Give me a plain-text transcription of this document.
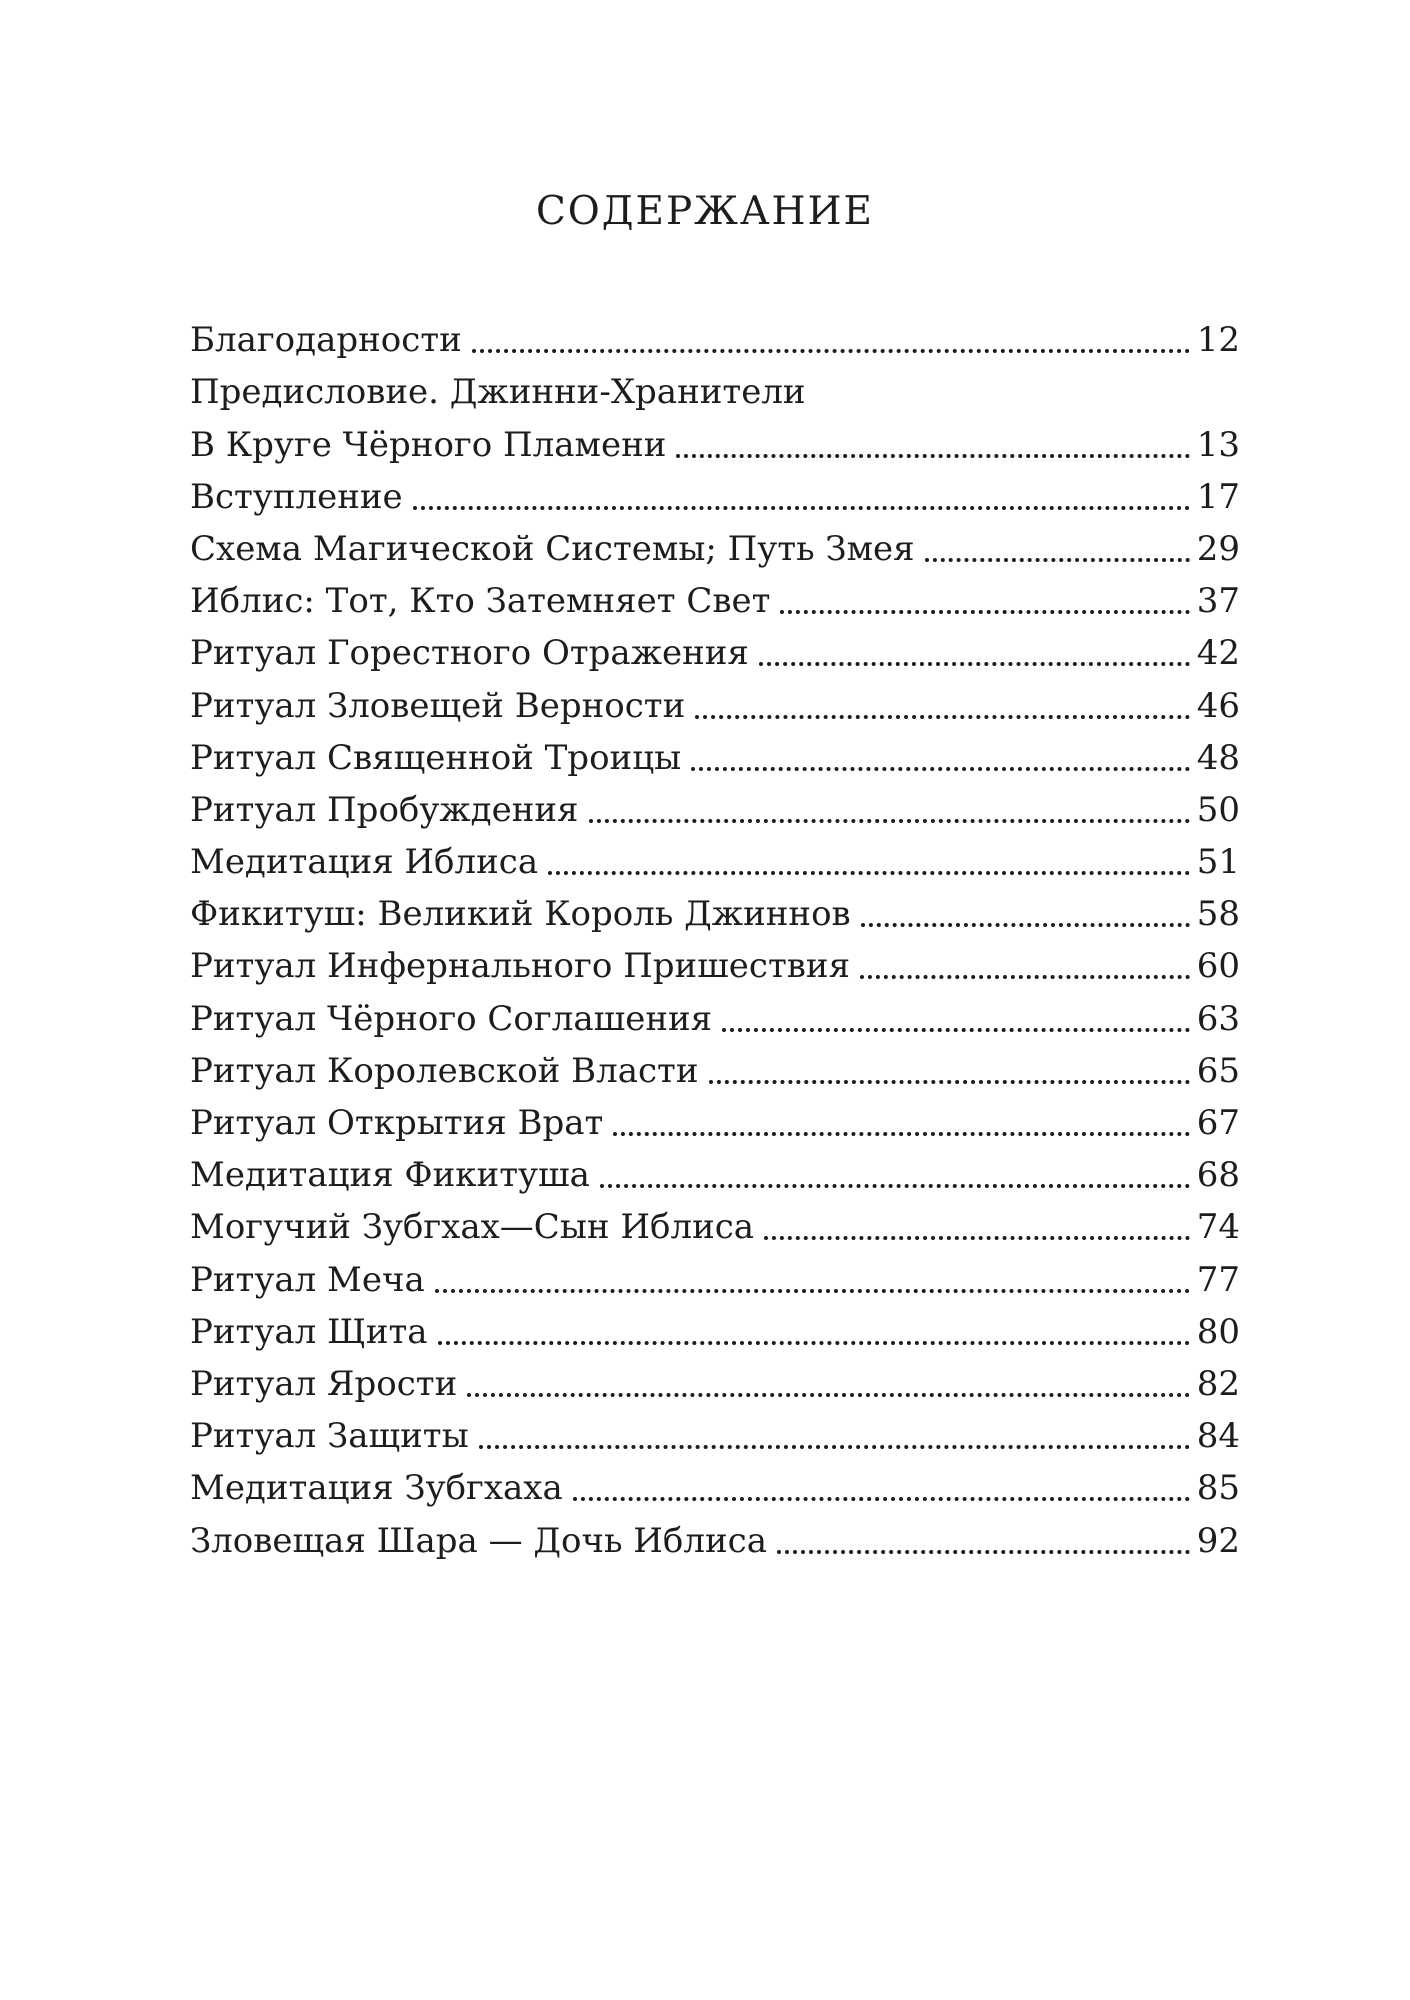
СОДЕРЖАНИЕ
Благодарности	12
Предисловие. Джинни-Хранители
В Круге Чёрного Пламени	13
Вступление	17
Схема Магической Системы; Путь Змея	29
Иблис: Тот, Кто Затемняет Свет	37
Ритуал Горестного Отражения	42
Ритуал Зловещей Верности	46
Ритуал Священной Троицы	48
Ритуал Пробуждения	50
Медитация Иблиса	51
Фикитуш: Великий Король Джиннов	58
Ритуал Инфернального Пришествия	60
Ритуал Чёрного Соглашения	63
Ритуал Королевской Власти	65
Ритуал Открытия Врат	67
Медитация Фикитуша	68
Могучий Зубгхах—Сын Иблиса	74
Ритуал Меча	77
Ритуал Щита	80
Ритуал Ярости	82
Ритуал Защиты	84
Медитация Зубгхаха	85
Зловещая Шара — Дочь Иблиса	92
